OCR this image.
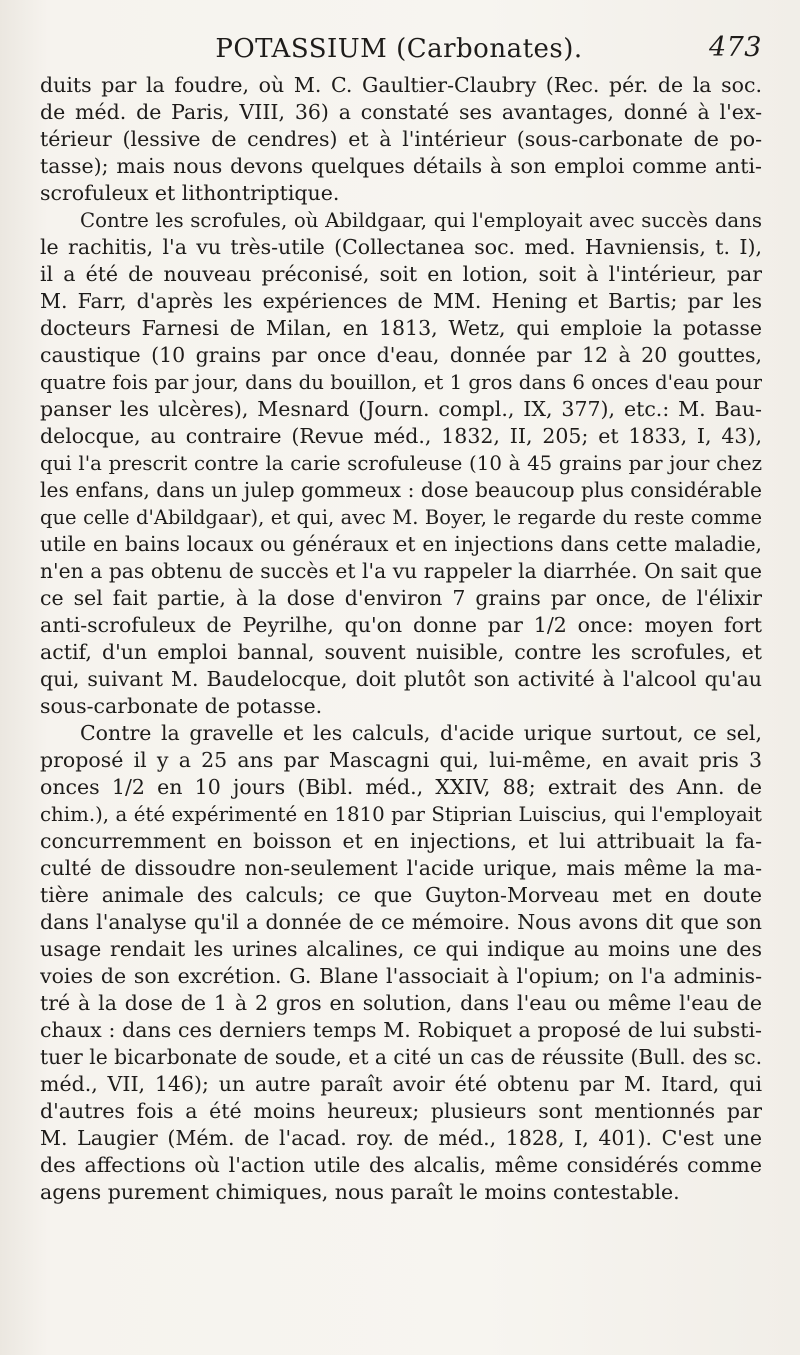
POTASSIUM (Carbonates).	473
duits par la foudre, où M. C. Gaultier-Claubry (Rec. pér. de la soc.
de méd. de Paris, VIII, 36) a constaté ses avantages, donné à l'ex-
térieur (lessive de cendres) et à l'intérieur (sous-carbonate de po-
tasse); mais nous devons quelques détails à son emploi comme anti-
scrofuleux et lithontriptique.
Contre les scrofules, où Abildgaar, qui l'employait avec succès dans
le rachitis, l'a vu très-utile (Collectanea soc. med. Havniensis, t. I),
il a été de nouveau préconisé, soit en lotion, soit à l'intérieur, par
M. Farr, d'après les expériences de MM. Hening et Bartis; par les
docteurs Farnesi de Milan, en 1813, Wetz, qui emploie la potasse
caustique (10 grains par once d'eau, donnée par 12 à 20 gouttes,
quatre fois par jour, dans du bouillon, et 1 gros dans 6 onces d'eau pour
panser les ulcères), Mesnard (Journ. compl., IX, 377), etc.: M. Bau-
delocque, au contraire (Revue méd., 1832, II, 205; et 1833, I, 43),
qui l'a prescrit contre la carie scrofuleuse (10 à 45 grains par jour chez
les enfans, dans un julep gommeux : dose beaucoup plus considérable
que celle d'Abildgaar), et qui, avec M. Boyer, le regarde du reste comme
utile en bains locaux ou généraux et en injections dans cette maladie,
n'en a pas obtenu de succès et l'a vu rappeler la diarrhée. On sait que
ce sel fait partie, à la dose d'environ 7 grains par once, de l'élixir
anti-scrofuleux de Peyrilhe, qu'on donne par 1/2 once: moyen fort
actif, d'un emploi bannal, souvent nuisible, contre les scrofules, et
qui, suivant M. Baudelocque, doit plutôt son activité à l'alcool qu'au
sous-carbonate de potasse.
Contre la gravelle et les calculs, d'acide urique surtout, ce sel,
proposé il y a 25 ans par Mascagni qui, lui-même, en avait pris 3
onces 1/2 en 10 jours (Bibl. méd., XXIV, 88; extrait des Ann. de
chim.), a été expérimenté en 1810 par Stiprian Luiscius, qui l'employait
concurremment en boisson et en injections, et lui attribuait la fa-
culté de dissoudre non-seulement l'acide urique, mais même la ma-
tière animale des calculs; ce que Guyton-Morveau met en doute
dans l'analyse qu'il a donnée de ce mémoire. Nous avons dit que son
usage rendait les urines alcalines, ce qui indique au moins une des
voies de son excrétion. G. Blane l'associait à l'opium; on l'a adminis-
tré à la dose de 1 à 2 gros en solution, dans l'eau ou même l'eau de
chaux : dans ces derniers temps M. Robiquet a proposé de lui substi-
tuer le bicarbonate de soude, et a cité un cas de réussite (Bull. des sc.
méd., VII, 146); un autre paraît avoir été obtenu par M. Itard, qui
d'autres fois a été moins heureux; plusieurs sont mentionnés par
M. Laugier (Mém. de l'acad. roy. de méd., 1828, I, 401). C'est une
des affections où l'action utile des alcalis, même considérés comme
agens purement chimiques, nous paraît le moins contestable.
